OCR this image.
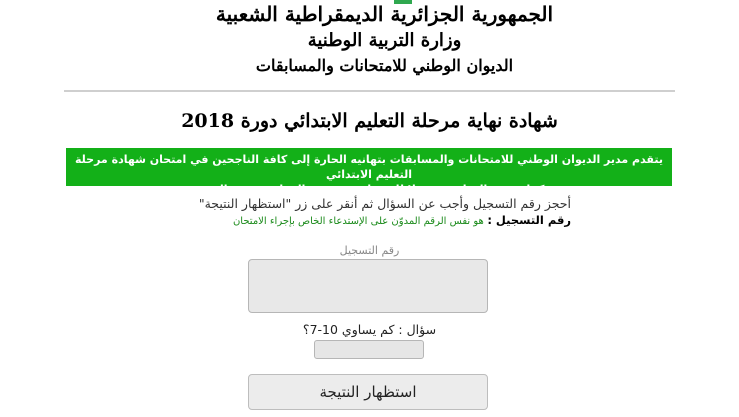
الجمهورية الجزائرية الديمقراطية الشعبية
وزارة التربية الوطنية
الديوان الوطني للامتحانات والمسابقات
شهادة نهاية مرحلة التعليم الابتدائي دورة 2018
يتقدم مدير الديوان الوطني للامتحانات والمسابقات بتهانيه الحارة إلى كافة الناجحين في امتحان شهادة مرحلة التعليم الابتدائي
كما يتمنى النجاح مستقبلا للذين لم يسعفهم الحظ في هذه الدورة
أحجز رقم التسجيل وأجب عن السؤال ثم أنقر على زر "استظهار النتيجة"
رقم التسجيل : هو نفس الرقم المدوّن على الإستدعاء الخاص بإجراء الامتحان
رقم التسجيل
سؤال : كم يساوي 10-7؟
استظهار النتيجة
